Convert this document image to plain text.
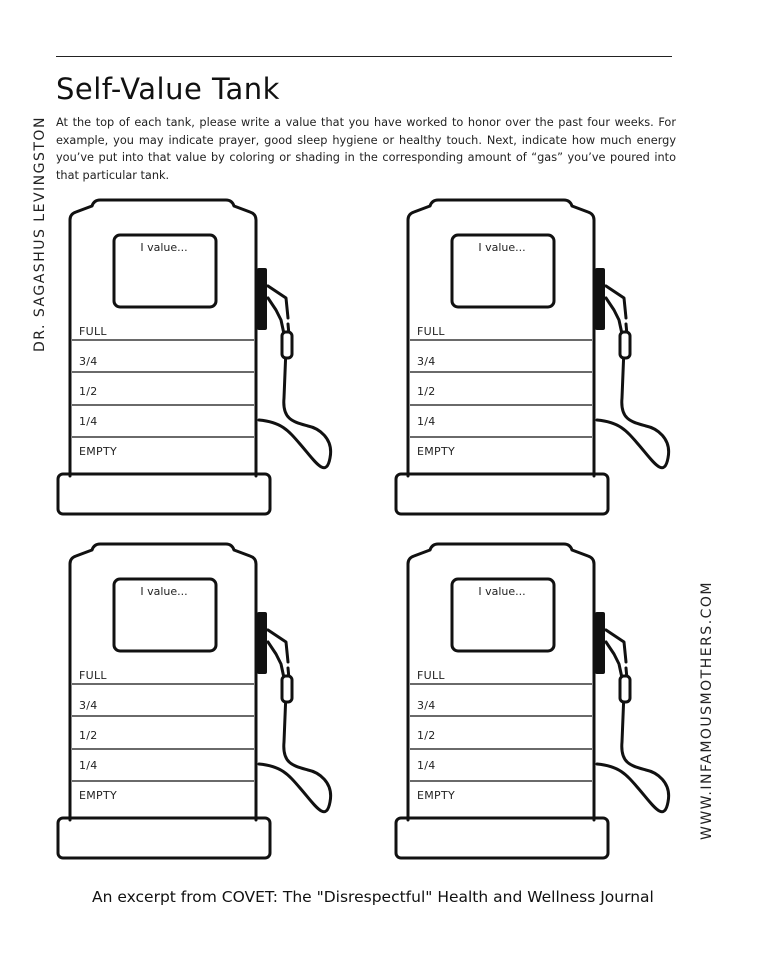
Self-Value Tank

At the top of each tank, please write a value that you have worked to honor over the past four weeks. For example, you may indicate prayer, good sleep hygiene or healthy touch. Next, indicate how much energy you’ve put into that value by coloring or shading in the corresponding amount of “gas” you’ve poured into that particular tank.

DR. SAGASHUS LEVINGSTON
WWW.INFAMOUSMOTHERS.COM
I value...
FULL
3/4
1/2
1/4
EMPTY
I value...
FULL
3/4
1/2
1/4
EMPTY
I value...
FULL
3/4
1/2
1/4
EMPTY
I value...
FULL
3/4
1/2
1/4
EMPTY
An excerpt from COVET: The "Disrespectful" Health and Wellness Journal
